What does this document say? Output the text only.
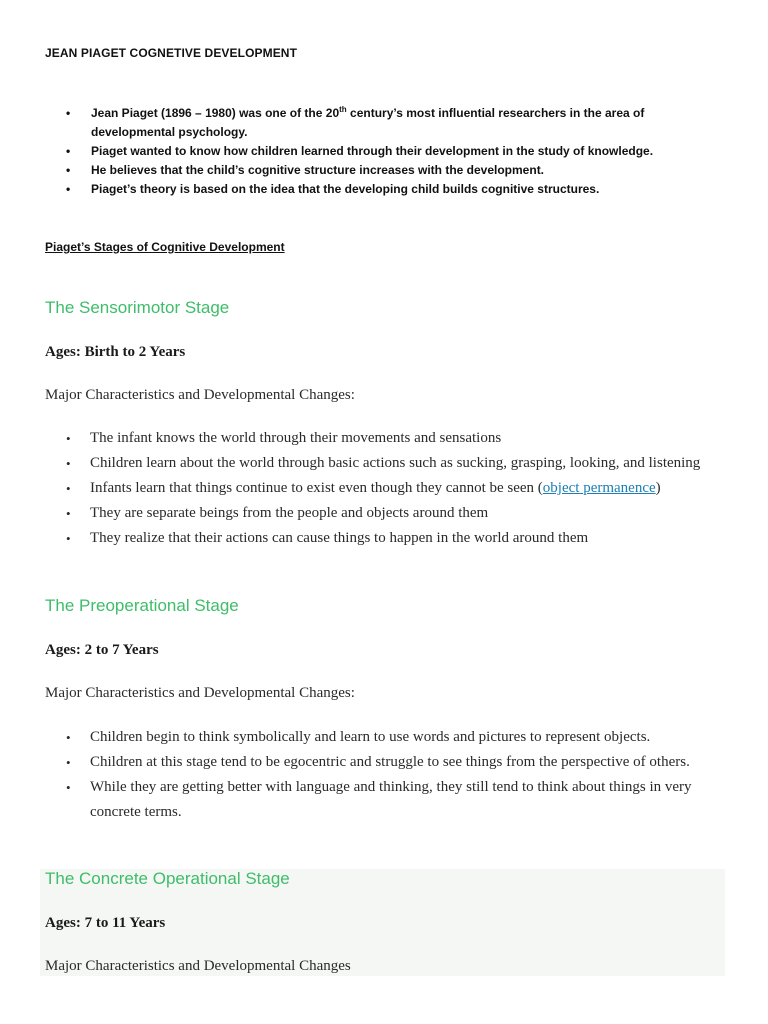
JEAN PIAGET COGNETIVE DEVELOPMENT
• Jean Piaget (1896 – 1980) was one of the 20th century’s most influential researchers in the area of developmental psychology.
• Piaget wanted to know how children learned through their development in the study of knowledge.
• He believes that the child’s cognitive structure increases with the development.
• Piaget’s theory is based on the idea that the developing child builds cognitive structures.
Piaget’s Stages of Cognitive Development
The Sensorimotor Stage
Ages: Birth to 2 Years
Major Characteristics and Developmental Changes:
• The infant knows the world through their movements and sensations
• Children learn about the world through basic actions such as sucking, grasping, looking, and listening
• Infants learn that things continue to exist even though they cannot be seen (object permanence)
• They are separate beings from the people and objects around them
• They realize that their actions can cause things to happen in the world around them
The Preoperational Stage
Ages: 2 to 7 Years
Major Characteristics and Developmental Changes:
• Children begin to think symbolically and learn to use words and pictures to represent objects.
• Children at this stage tend to be egocentric and struggle to see things from the perspective of others.
• While they are getting better with language and thinking, they still tend to think about things in very concrete terms.
The Concrete Operational Stage
Ages: 7 to 11 Years
Major Characteristics and Developmental Changes
